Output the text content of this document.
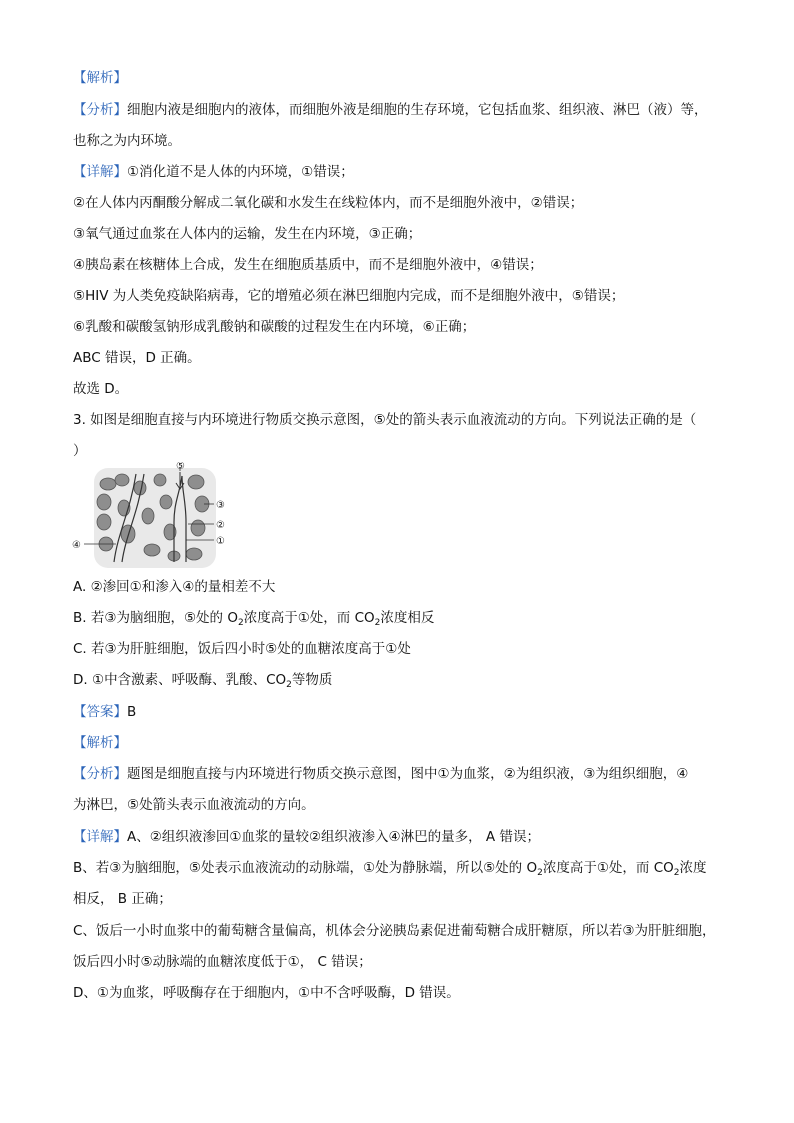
【解析】
【分析】细胞内液是细胞内的液体，而细胞外液是细胞的生存环境，它包括血浆、组织液、淋巴（液）等，
也称之为内环境。
【详解】①消化道不是人体的内环境，①错误；
②在人体内丙酮酸分解成二氧化碳和水发生在线粒体内，而不是细胞外液中，②错误；
③氧气通过血浆在人体内的运输，发生在内环境，③正确；
④胰岛素在核糖体上合成，发生在细胞质基质中，而不是细胞外液中，④错误；
⑤HIV 为人类免疫缺陷病毒，它的增殖必须在淋巴细胞内完成，而不是细胞外液中，⑤错误；
⑥乳酸和碳酸氢钠形成乳酸钠和碳酸的过程发生在内环境，⑥正确；
ABC 错误，D 正确。
故选 D。
3. 如图是细胞直接与内环境进行物质交换示意图，⑤处的箭头表示血液流动的方向。下列说法正确的是（
）
⑤
③
②
①
④
A. ②渗回①和渗入④的量相差不大
B. 若③为脑细胞，⑤处的 $O_2$浓度高于①处，而 $CO_2$浓度相反
C. 若③为肝脏细胞，饭后四小时⑤处的血糖浓度高于①处
D. ①中含激素、呼吸酶、乳酸、$CO_2$等物质
【答案】B
【解析】
【分析】题图是细胞直接与内环境进行物质交换示意图，图中①为血浆，②为组织液，③为组织细胞，④
为淋巴，⑤处箭头表示血液流动的方向。
【详解】A、②组织液渗回①血浆的量较②组织液渗入④淋巴的量多， A 错误；
B、若③为脑细胞，⑤处表示血液流动的动脉端，①处为静脉端，所以⑤处的 $O_2$浓度高于①处，而 $CO_2$浓度
相反， B 正确；
C、饭后一小时血浆中的葡萄糖含量偏高，机体会分泌胰岛素促进葡萄糖合成肝糖原，所以若③为肝脏细胞，
饭后四小时⑤动脉端的血糖浓度低于①， C 错误；
D、①为血浆，呼吸酶存在于细胞内，①中不含呼吸酶，D 错误。
